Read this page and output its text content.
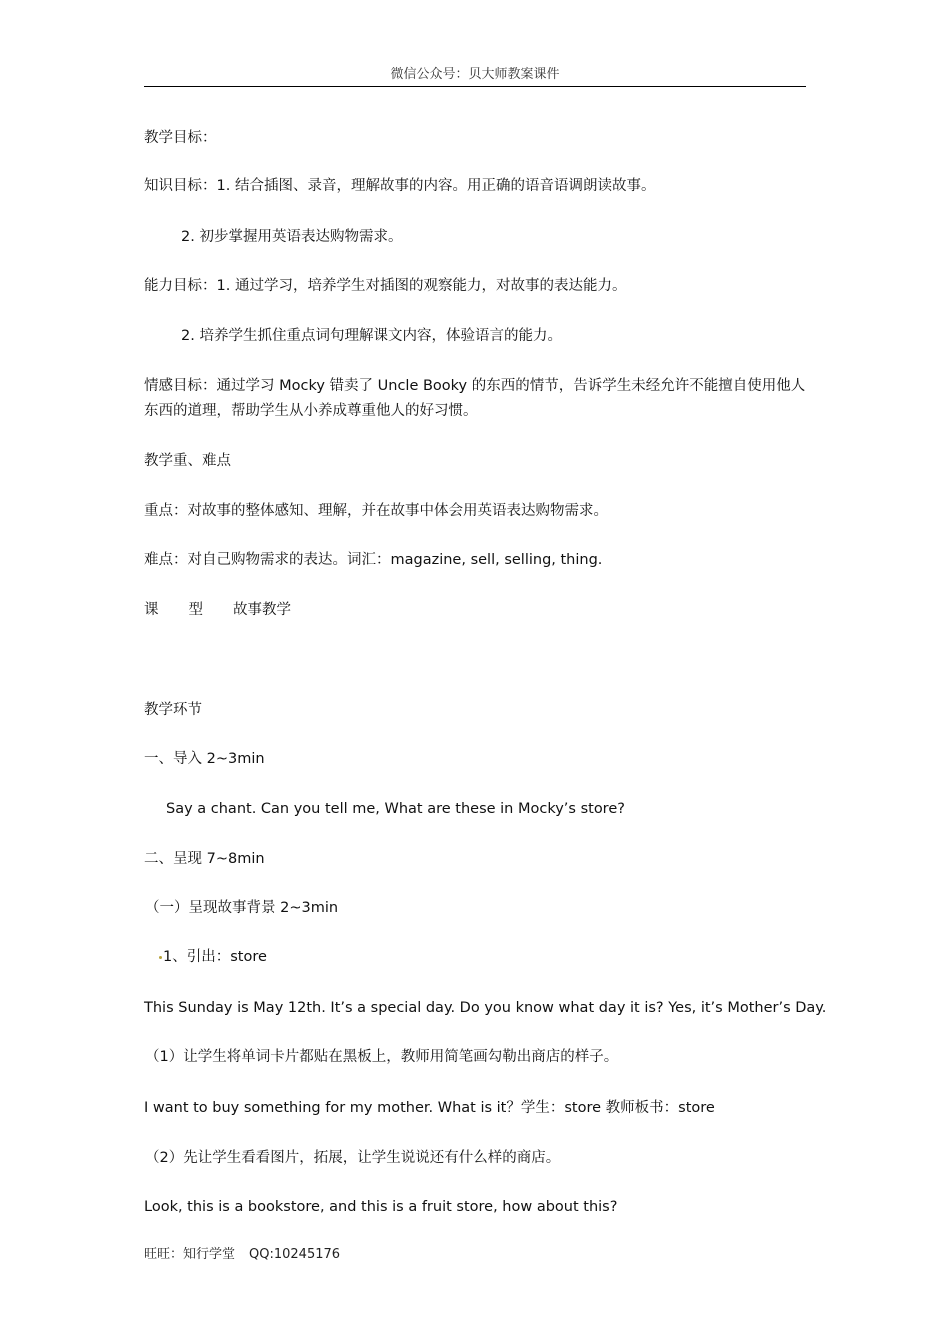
微信公众号：贝大师教案课件
教学目标：
知识目标：1. 结合插图、录音，理解故事的内容。用正确的语音语调朗读故事。
2. 初步掌握用英语表达购物需求。
能力目标：1. 通过学习，培养学生对插图的观察能力，对故事的表达能力。
2. 培养学生抓住重点词句理解课文内容，体验语言的能力。
情感目标：通过学习 Mocky 错卖了 Uncle Booky 的东西的情节，告诉学生未经允许不能擅自使用他人东西的道理，帮助学生从小养成尊重他人的好习惯。
教学重、难点
重点：对故事的整体感知、理解，并在故事中体会用英语表达购物需求。
难点：对自己购物需求的表达。词汇：magazine, sell, selling, thing.
课 型 故事教学
教学环节
一、导入 2~3min
Say a chant. Can you tell me, What are these in Mocky’s store?
二、呈现 7~8min
（一）呈现故事背景 2~3min
1、引出：store
This Sunday is May 12th. It’s a special day. Do you know what day it is? Yes, it’s Mother’s Day.
（1）让学生将单词卡片都贴在黑板上，教师用简笔画勾勒出商店的样子。
I want to buy something for my mother. What is it？学生：store 教师板书：store
（2）先让学生看看图片，拓展，让学生说说还有什么样的商店。
Look, this is a bookstore, and this is a fruit store, how about this?
旺旺：知行学堂 QQ:10245176
